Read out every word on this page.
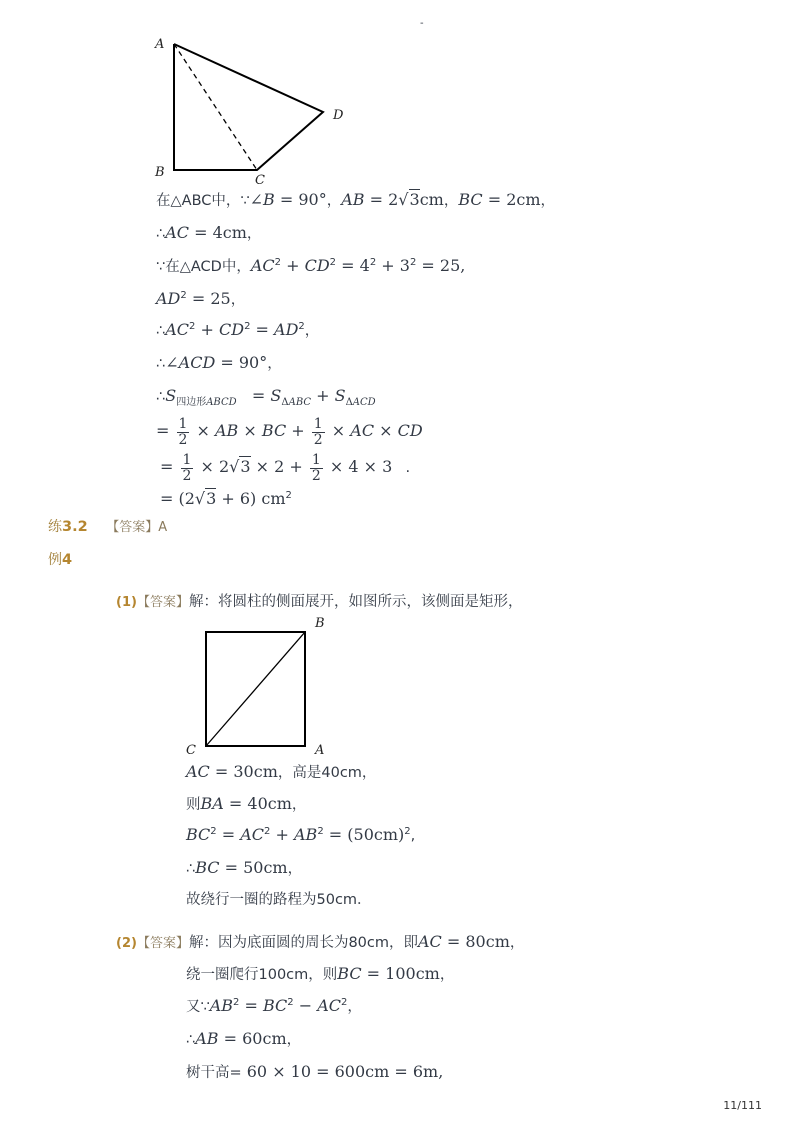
-
A
B
C
D
在△ABC中，∵∠B = 90°，AB = 2√3cm，BC = 2cm，
∴AC = 4cm，
∵在△ACD中，$AC^2 + CD^2 = 4^2 + 3^2 = 25$,
$AD^2 = 25$，
$\therefore AC^2 + CD^2 = AD^2$，
∴∠ACD = 90°，
$\therefore S_{四边形ABCD} = S_{\Delta ABC} + S_{\Delta ACD}$
= $\frac{1}{2}$ × AB × BC + $\frac{1}{2}$ × AC × CD
= $\frac{1}{2} \times 2√3 \times 2 + \frac{1}{2} \times 4 \times 3$ .
= (2√3 + 6) $cm^2$
练3.2 【答案】A
例4
(1)【答案】解：将圆柱的侧面展开，如图所示，该侧面是矩形，
B
C	A
AC = 30cm，高是40cm，
则BA = 40cm，
$BC^2 = AC^2 + AB^2 = (50cm)^2$,
∴BC = 50cm，
故绕行一圈的路程为50cm．
(2)【答案】解：因为底面圆的周长为80cm，即AC = 80cm，
绕一圈爬行100cm，则BC = 100cm，
又$\because AB^2 = BC^2 - AC^2$，
∴AB = 60cm，
树干高= 60 × 10 = 600cm = 6m,
11/111
